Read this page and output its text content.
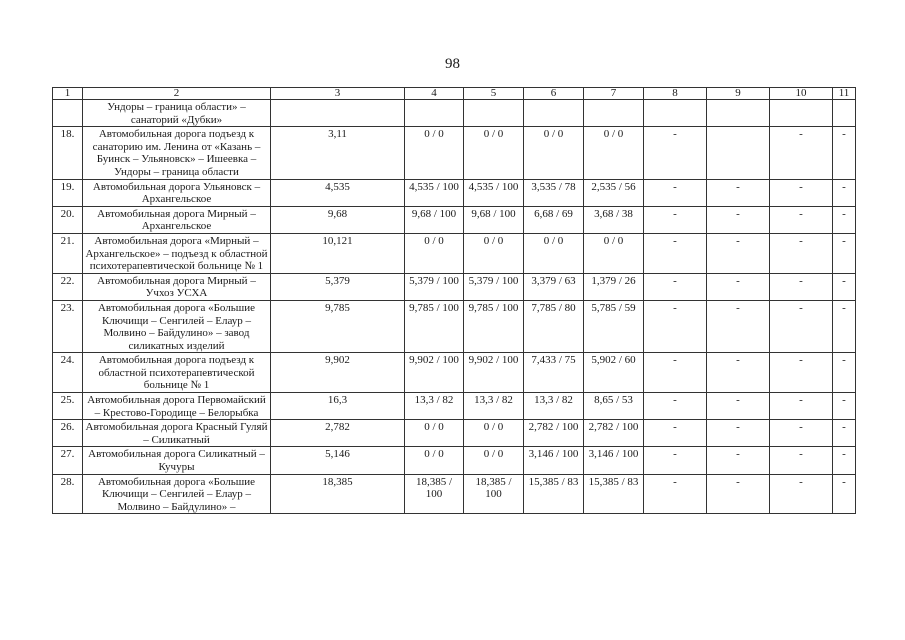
98
1	2	3	4	5	6	7	8	9	10	11
	Ундоры – граница области» – санаторий «Дубки»									
18.	Автомобильная дорога подъезд к санаторию им. Ленина от «Казань – Буинск – Ульяновск» – Ишеевка – Ундоры – граница области	3,11	0 / 0	0 / 0	0 / 0	0 / 0	-		-	-
19.	Автомобильная дорога Ульяновск – Архангельское	4,535	4,535 / 100	4,535 / 100	3,535 / 78	2,535 / 56	-	-	-	-
20.	Автомобильная дорога Мирный – Архангельское	9,68	9,68 / 100	9,68 / 100	6,68 / 69	3,68 / 38	-	-	-	-
21.	Автомобильная дорога «Мирный – Архангельское» – подъезд к областной психотерапевтической больнице № 1	10,121	0 / 0	0 / 0	0 / 0	0 / 0	-	-	-	-
22.	Автомобильная дорога Мирный – Учхоз УСХА	5,379	5,379 / 100	5,379 / 100	3,379 / 63	1,379 / 26	-	-	-	-
23.	Автомобильная дорога «Большие Ключищи – Сенгилей – Елаур – Молвино – Байдулино» – завод силикатных изделий	9,785	9,785 / 100	9,785 / 100	7,785 / 80	5,785 / 59	-	-	-	-
24.	Автомобильная дорога подъезд к областной психотерапевтической больнице № 1	9,902	9,902 / 100	9,902 / 100	7,433 / 75	5,902 / 60	-	-	-	-
25.	Автомобильная дорога Первомайский – Крестово-Городище – Белорыбка	16,3	13,3 / 82	13,3 / 82	13,3 / 82	8,65 / 53	-	-	-	-
26.	Автомобильная дорога Красный Гуляй – Силикатный	2,782	0 / 0	0 / 0	2,782 / 100	2,782 / 100	-	-	-	-
27.	Автомобильная дорога Силикатный – Кучуры	5,146	0 / 0	0 / 0	3,146 / 100	3,146 / 100	-	-	-	-
28.	Автомобильная дорога «Большие Ключищи – Сенгилей – Елаур – Молвино – Байдулино» –	18,385	18,385 / 100	18,385 / 100	15,385 / 83	15,385 / 83	-	-	-	-
